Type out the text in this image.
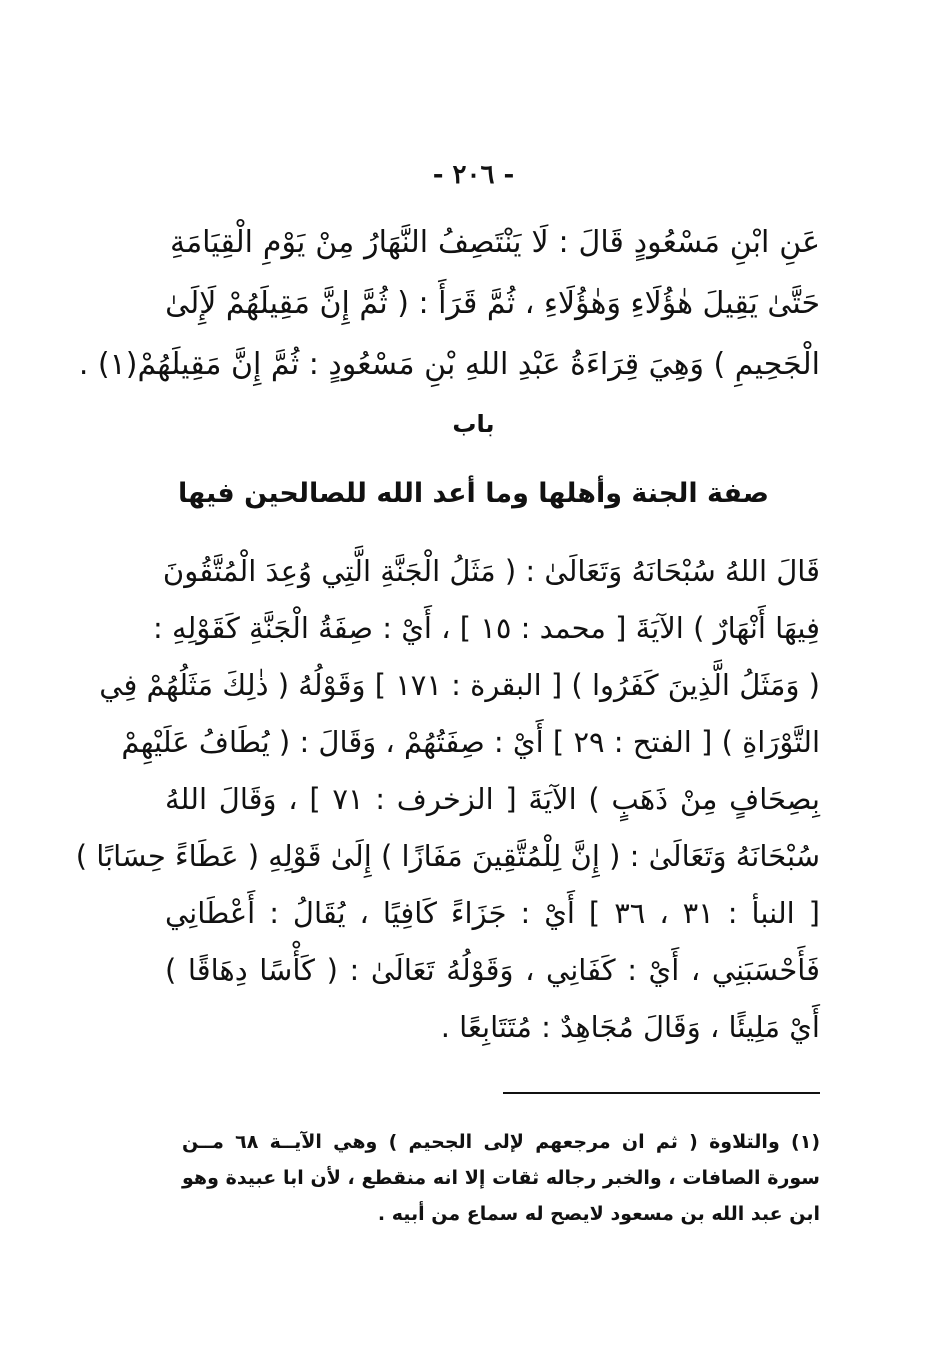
- ٢٠٦ -
عَنِ ابْنِ مَسْعُودٍ قَالَ : لَا يَنْتَصِفُ النَّهَارُ مِنْ يَوْمِ الْقِيَامَةِ
حَتَّىٰ يَقِيلَ هٰؤُلَاءِ وَهٰؤُلَاءِ ، ثُمَّ قَرَأَ : ( ثُمَّ إِنَّ مَقِيلَهُمْ لَإِلَىٰ
الْجَحِيمِ ) وَهِيَ قِرَاءَةُ عَبْدِ اللهِ بْنِ مَسْعُودٍ : ثُمَّ إِنَّ مَقِيلَهُمْ(١) .
باب
صفة الجنة وأهلها وما أعد الله للصالحين فيها
قَالَ اللهُ سُبْحَانَهُ وَتَعَالَىٰ : ( مَثَلُ الْجَنَّةِ الَّتِي وُعِدَ الْمُتَّقُونَ
فِيهَا أَنْهَارٌ ) الآيَةَ [ محمد : ١٥ ] ، أَيْ : صِفَةُ الْجَنَّةِ كَقَوْلِهِ :
( وَمَثَلُ الَّذِينَ كَفَرُوا ) [ البقرة : ١٧١ ] وَقَوْلُهُ ( ذٰلِكَ مَثَلُهُمْ فِي
التَّوْرَاةِ ) [ الفتح : ٢٩ ] أَيْ : صِفَتُهُمْ ، وَقَالَ : ( يُطَافُ عَلَيْهِمْ
بِصِحَافٍ مِنْ ذَهَبٍ ) الآيَةَ [ الزخرف : ٧١ ] ، وَقَالَ اللهُ
سُبْحَانَهُ وَتَعَالَىٰ : ( إِنَّ لِلْمُتَّقِينَ مَفَازًا ) إِلَىٰ قَوْلِهِ ( عَطَاءً حِسَابًا )
[ النبأ : ٣١ ، ٣٦ ] أَيْ : جَزَاءً كَافِيًا ، يُقَالُ : أَعْطَانِي
فَأَحْسَبَنِي ، أَيْ : كَفَانِي ، وَقَوْلُهُ تَعَالَىٰ : ( كَأْسًا دِهَاقًا )
أَيْ مَلِيئًا ، وَقَالَ مُجَاهِدٌ : مُتَتَابِعًا .
(١) والتلاوة ( ثم ان مرجعهم لإلى الجحيم ) وهي الآيــة ٦٨ مــن
سورة الصافات ، والخبر رجاله ثقات إلا انه منقطع ، لأن ابا عبيدة وهو
ابن عبد الله بن مسعود لايصح له سماع من أبيه .
